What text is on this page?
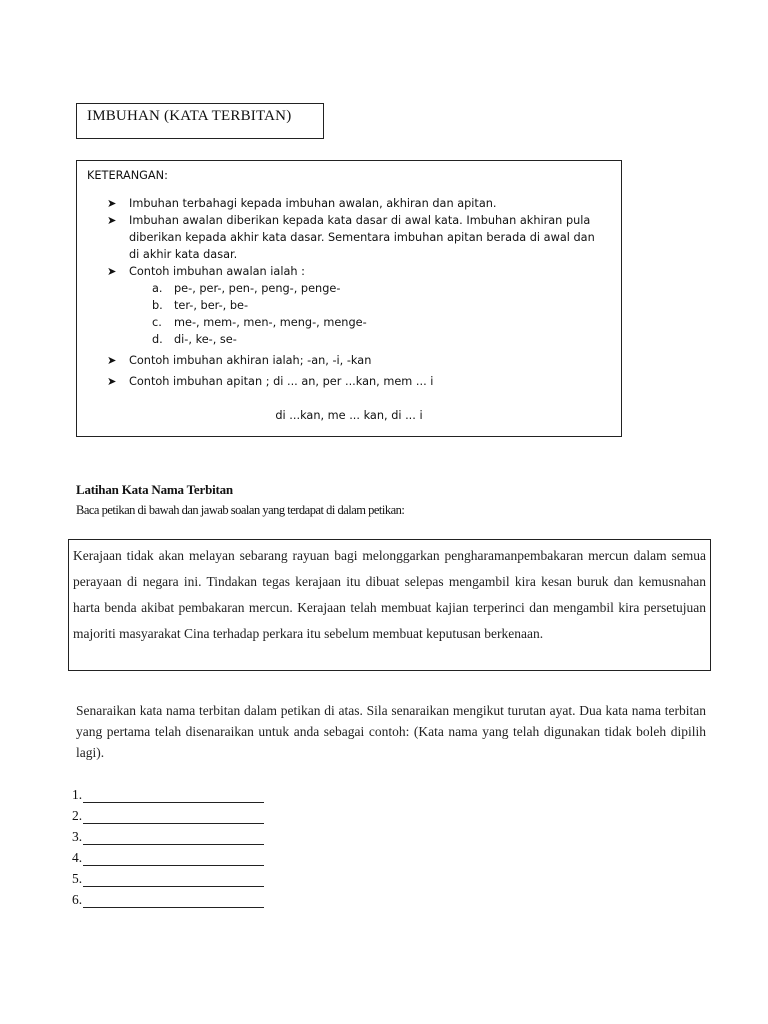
IMBUHAN (KATA TERBITAN)
KETERANGAN:
➤ Imbuhan terbahagi kepada imbuhan awalan, akhiran dan apitan.
➤ Imbuhan awalan diberikan kepada kata dasar di awal kata. Imbuhan akhiran pula diberikan kepada akhir kata dasar. Sementara imbuhan apitan berada di awal dan di akhir kata dasar.
➤ Contoh imbuhan awalan ialah :
a. pe-, per-, pen-, peng-, penge-
b. ter-, ber-, be-
c. me-, mem-, men-, meng-, menge-
d. di-, ke-, se-
➤ Contoh imbuhan akhiran ialah; -an, -i, -kan
➤ Contoh imbuhan apitan ; di ... an, per ...kan, mem ... i
di ...kan, me ... kan, di ... i
Latihan Kata Nama Terbitan
Baca petikan di bawah dan jawab soalan yang terdapat di dalam petikan:
Kerajaan tidak akan melayan sebarang rayuan bagi melonggarkan pengharamanpembakaran mercun dalam semua perayaan di negara ini. Tindakan tegas kerajaan itu dibuat selepas mengambil kira kesan buruk dan kemusnahan harta benda akibat pembakaran mercun. Kerajaan telah membuat kajian terperinci dan mengambil kira persetujuan majoriti masyarakat Cina terhadap perkara itu sebelum membuat keputusan berkenaan.
Senaraikan kata nama terbitan dalam petikan di atas. Sila senaraikan mengikut turutan ayat. Dua kata nama terbitan yang pertama telah disenaraikan untuk anda sebagai contoh: (Kata nama yang telah digunakan tidak boleh dipilih lagi).
1.
2.
3.
4.
5.
6.
